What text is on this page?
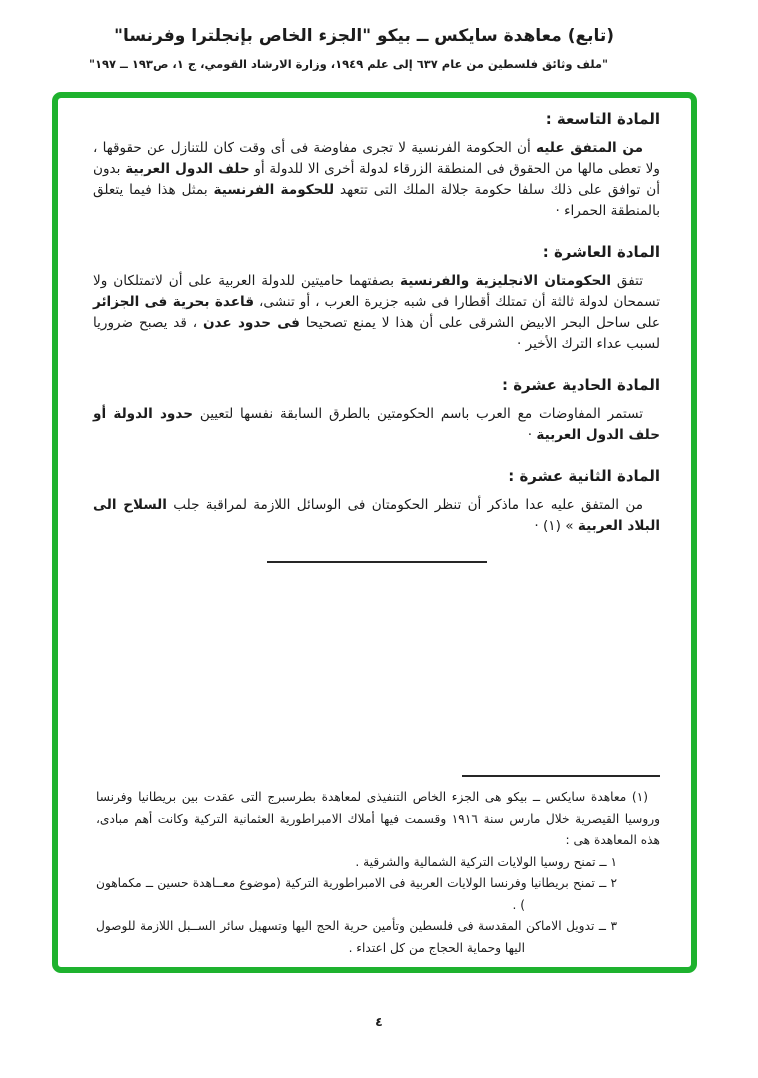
(تابع) معاهدة سايكس ــ بيكو "الجزء الخاص بإنجلترا وفرنسا"
"ملف وثائق فلسطين من عام ٦٣٧ إلى علم ١٩٤٩، وزارة الارشاد القومي، ج ١، ص١٩٣ ــ ١٩٧"
المادة التاسعة :

من المتفق عليه أن الحكومة الفرنسية لا تجرى مفاوضة فى أى وقت كان للتنازل عن حقوقها ، ولا تعطى مالها من الحقوق فى المنطقة الزرقاء لدولة أخرى الا للدولة أو حلف الدول العربية بدون أن توافق على ذلك سلفا حكومة جلالة الملك التى تتعهد للحكومة الفرنسية بمثل هذا فيما يتعلق بالمنطقة الحمراء ·

المادة العاشرة :

تتفق الحكومتان الانجليزية والفرنسية بصفتهما حاميتين للدولة العربية على أن لاتمتلكان ولا تسمحان لدولة ثالثة أن تمتلك أقطارا فى شبه جزيرة العرب ، أو تنشى، قاعدة بحرية فى الجزائر على ساحل البحر الابيض الشرقى على أن هذا لا يمنع تصحيحا فى حدود عدن ، قد يصبح ضروريا لسبب عداء الترك الأخير ·

المادة الحادية عشرة :

تستمر المفاوضات مع العرب باسم الحكومتين بالطرق السابقة نفسها لتعيين حدود الدولة أو حلف الدول العربية ·

المادة الثانية عشرة :

من المتفق عليه عدا ماذكر أن تنظر الحكومتان فى الوسائل اللازمة لمراقبة جلب السلاح الى البلاد العربية » (١) ·

(١) معاهدة سايكس ــ بيكو هى الجزء الخاص التنفيذى لمعاهدة بطرسبرج التى عقدت بين بريطانيا وفرنسا وروسيا القيصرية خلال مارس سنة ١٩١٦ وقسمت فيها أملاك الامبراطورية العثمانية التركية وكانت أهم مبادى، هذه المعاهدة هى :

١ ــ تمنح روسيا الولايات التركية الشمالية والشرقية .
٢ ــ تمنح بريطانيا وفرنسا الولايات العربية فى الامبراطورية التركية (موضوع معــاهدة حسين ــ مكماهون ) .
٣ ــ تدويل الاماكن المقدسة فى فلسطين وتأمين حرية الحج اليها وتسهيل سائر الســبل اللازمة للوصول اليها وحماية الحجاج من كل اعتداء .
٤
